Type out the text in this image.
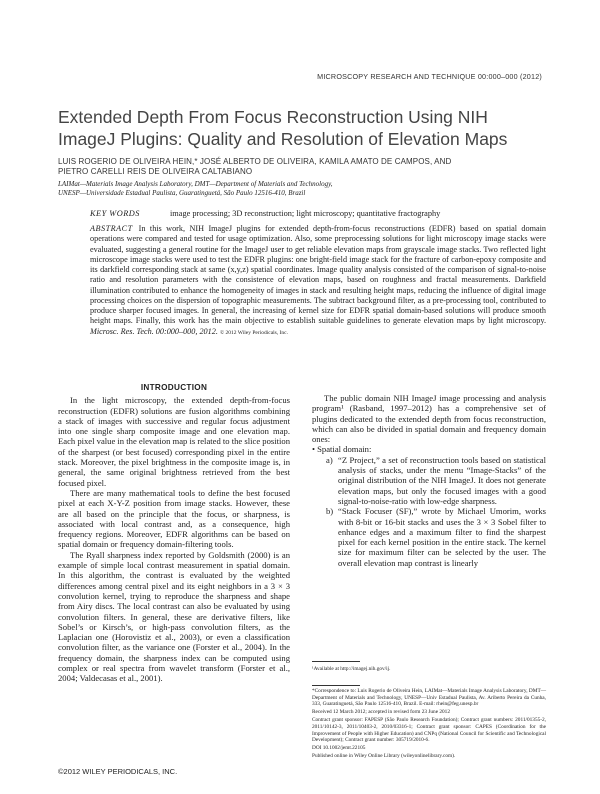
MICROSCOPY RESEARCH AND TECHNIQUE 00:000–000 (2012)
Extended Depth From Focus Reconstruction Using NIH ImageJ Plugins: Quality and Resolution of Elevation Maps
LUIS ROGERIO DE OLIVEIRA HEIN,* JOSÉ ALBERTO DE OLIVEIRA, KAMILA AMATO DE CAMPOS, AND
PIETRO CARELLI REIS DE OLIVEIRA CALTABIANO
LAIMat—Materials Image Analysis Laboratory, DMT—Department of Materials and Technology,
UNESP—Universidade Estadual Paulista, Guaratinguetá, São Paulo 12516-410, Brazil
KEY WORDS	image processing; 3D reconstruction; light microscopy; quantitative fractography
ABSTRACT In this work, NIH ImageJ plugins for extended depth-from-focus reconstructions (EDFR) based on spatial domain operations were compared and tested for usage optimization. Also, some preprocessing solutions for light microscopy image stacks were evaluated, suggesting a general routine for the ImageJ user to get reliable elevation maps from grayscale image stacks. Two reflected light microscope image stacks were used to test the EDFR plugins: one bright-field image stack for the fracture of carbon-epoxy composite and its darkfield corresponding stack at same (x,y,z) spatial coordinates. Image quality analysis consisted of the comparison of signal-to-noise ratio and resolution parameters with the consistence of elevation maps, based on roughness and fractal measurements. Darkfield illumination contributed to enhance the homogeneity of images in stack and resulting height maps, reducing the influence of digital image processing choices on the dispersion of topographic measurements. The subtract background filter, as a pre-processing tool, contributed to produce sharper focused images. In general, the increasing of kernel size for EDFR spatial domain-based solutions will produce smooth height maps. Finally, this work has the main objective to establish suitable guidelines to generate elevation maps by light microscopy. Microsc. Res. Tech. 00:000–000, 2012. © 2012 Wiley Periodicals, Inc.
INTRODUCTION

In the light microscopy, the extended depth-from-focus reconstruction (EDFR) solutions are fusion algorithms combining a stack of images with successive and regular focus adjustment into one single sharp composite image and one elevation map. Each pixel value in the elevation map is related to the slice position of the sharpest (or best focused) corresponding pixel in the entire stack. Moreover, the pixel brightness in the composite image is, in general, the same original brightness retrieved from the best focused pixel.

There are many mathematical tools to define the best focused pixel at each X-Y-Z position from image stacks. However, these are all based on the principle that the focus, or sharpness, is associated with local contrast and, as a consequence, high frequency regions. Moreover, EDFR algorithms can be based on spatial domain or frequency domain-filtering tools.

The Ryall sharpness index reported by Goldsmith (2000) is an example of simple local contrast measurement in spatial domain. In this algorithm, the contrast is evaluated by the weighted differences among central pixel and its eight neighbors in a 3 × 3 convolution kernel, trying to reproduce the sharpness and shape from Airy discs. The local contrast can also be evaluated by using convolution filters. In general, these are derivative filters, like Sobel’s or Kirsch’s, or high-pass convolution filters, as the Laplacian one (Horovistiz et al., 2003), or even a classification convolution filter, as the variance one (Forster et al., 2004). In the frequency domain, the sharpness index can be computed using complex or real spectra from wavelet transform (Forster et al., 2004; Valdecasas et al., 2001).

The public domain NIH ImageJ image processing and analysis program¹ (Rasband, 1997–2012) has a comprehensive set of plugins dedicated to the extended depth from focus reconstruction, which can also be divided in spatial domain and frequency domain ones:

• Spatial domain:

a) “Z Project,” a set of reconstruction tools based on statistical analysis of stacks, under the menu “Image-Stacks” of the original distribution of the NIH ImageJ. It does not generate elevation maps, but only the focused images with a good signal-to-noise-ratio with low-edge sharpness.
b) “Stack Focuser (SF),” wrote by Michael Umorim, works with 8-bit or 16-bit stacks and uses the 3 × 3 Sobel filter to enhance edges and a maximum filter to find the sharpest pixel for each kernel position in the entire stack. The kernel size for maximum filter can be selected by the user. The overall elevation map contrast is linearly

¹Available at http://imagej.nih.gov/ij.

*Correspondence to: Luis Rogerio de Oliveira Hein, LAIMat—Materials Image Analysis Laboratory, DMT—Department of Materials and Technology, UNESP—Univ Estadual Paulista, Av. Ariberto Pereira da Cunha, 333, Guaratinguetá, São Paulo 12516-410, Brazil. E-mail: rhein@feg.unesp.br

Received 12 March 2012; accepted in revised form 23 June 2012

Contract grant sponsor: FAPESP (São Paulo Research Foundation); Contract grant numbers: 2011/01355-2, 2011/10142-3, 2011/10403-2, 2010/03316-1; Contract grant sponsor: CAPES (Coordination for the Improvement of People with Higher Education) and CNPq (National Council for Scientific and Technological Development); Contract grant number: 305719/2010-6.

DOI 10.1002/jemt.22105

Published online in Wiley Online Library (wileyonlinelibrary.com).

©2012 WILEY PERIODICALS, INC.
